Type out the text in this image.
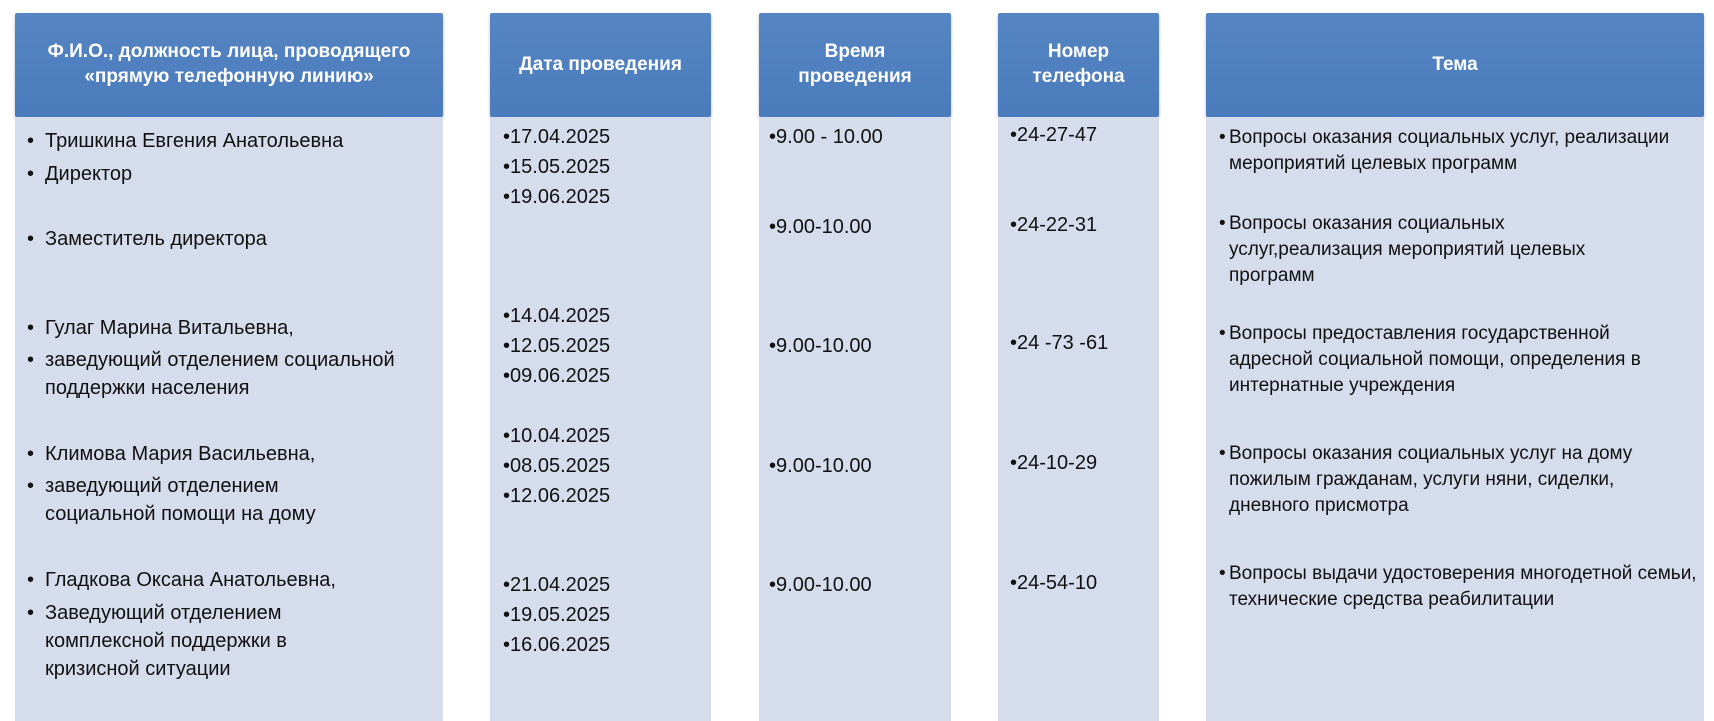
Ф.И.О., должность лица, проводящего «прямую телефонную линию»
• Тришкина Евгения Анатольевна
• Директор
• Заместитель директора
• Гулаг Марина Витальевна,
• заведующий отделением социальной поддержки населения
• Климова Мария Васильевна,
• заведующий отделением социальной помощи на дому
• Гладкова Оксана Анатольевна,
• Заведующий отделением комплексной поддержки в кризисной ситуации
Дата проведения
•17.04.2025
•15.05.2025
•19.06.2025
•14.04.2025
•12.05.2025
•09.06.2025
•10.04.2025
•08.05.2025
•12.06.2025
•21.04.2025
•19.05.2025
•16.06.2025
Время проведения
•9.00 - 10.00
•9.00-10.00
•9.00-10.00
•9.00-10.00
•9.00-10.00
Номер телефона
•24-27-47
•24-22-31
•24 -73 -61
•24-10-29
•24-54-10
Тема
• Вопросы оказания социальных услуг, реализации мероприятий целевых программ
• Вопросы оказания социальных услуг,реализация мероприятий целевых программ
• Вопросы предоставления государственной адресной социальной помощи, определения в интернатные учреждения
• Вопросы оказания социальных услуг на дому пожилым гражданам, услуги няни, сиделки, дневного присмотра
• Вопросы выдачи удостоверения многодетной семьи, технические средства реабилитации
